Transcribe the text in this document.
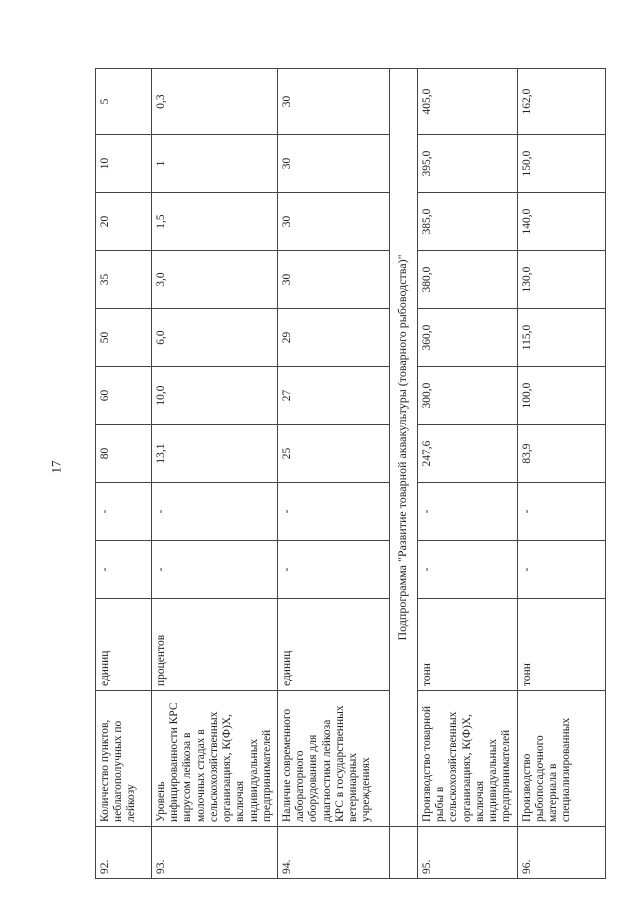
17
92.	Количество пунктов, неблагополучных по лейкозу	единиц	-	-	80	60	50	35	20	10	5
93.	Уровень инфицированности КРС вирусом лейкоза в молочных стадах в сельскохозяйственных организациях, К(Ф)Х, включая индивидуальных предпринимателей	процентов	-	-	13,1	10,0	6,0	3,0	1,5	1	0,3
94.	Наличие современного лабораторного оборудования для диагностики лейкоза КРС в государственных ветеринарных учреждениях	единиц	-	-	25	27	29	30	30	30	30
	Подпрограмма "Развитие товарной аквакультуры (товарного рыбоводства)"										
95.	Производство товарной рыбы в сельскохозяйственных организациях, К(Ф)Х, включая индивидуальных предпринимателей	тонн	-	-	247,6	300,0	360,0	380,0	385,0	395,0	405,0
96.	Производство рыбопосадочного материала в специализированных	тонн	-	-	83,9	100,0	115,0	130,0	140,0	150,0	162,0
